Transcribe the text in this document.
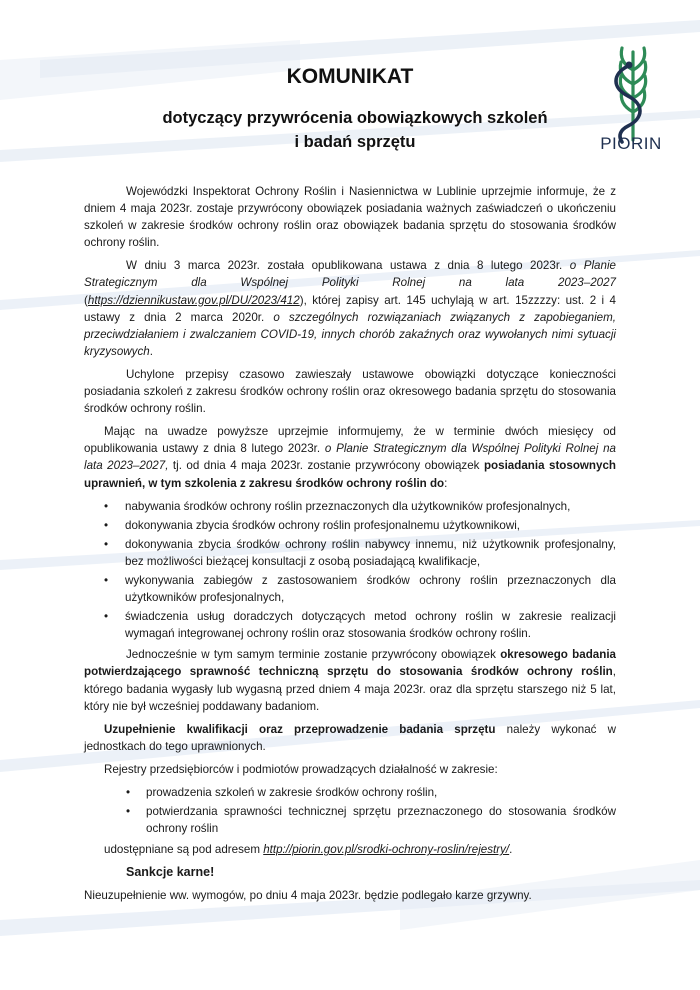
KOMUNIKAT
dotyczący przywrócenia obowiązkowych szkoleń
i badań sprzętu	PIORIN

Wojewódzki Inspektorat Ochrony Roślin i Nasiennictwa w Lublinie uprzejmie informuje, że z dniem 4 maja 2023r. zostaje przywrócony obowiązek posiadania ważnych zaświadczeń o ukończeniu szkoleń w zakresie środków ochrony roślin oraz obowiązek badania sprzętu do stosowania środków ochrony roślin.

W dniu 3 marca 2023r. została opublikowana ustawa z dnia 8 lutego 2023r. o Planie Strategicznym dla Wspólnej Polityki Rolnej na lata 2023–2027 (https://dziennikustaw.gov.pl/DU/2023/412), której zapisy art. 145 uchylają w art. 15zzzzy: ust. 2 i 4 ustawy z dnia 2 marca 2020r. o szczególnych rozwiązaniach związanych z zapobieganiem, przeciwdziałaniem i zwalczaniem COVID-19, innych chorób zakaźnych oraz wywołanych nimi sytuacji kryzysowych.

Uchylone przepisy czasowo zawieszały ustawowe obowiązki dotyczące konieczności posiadania szkoleń z zakresu środków ochrony roślin oraz okresowego badania sprzętu do stosowania środków ochrony roślin.

Mając na uwadze powyższe uprzejmie informujemy, że w terminie dwóch miesięcy od opublikowania ustawy z dnia 8 lutego 2023r. o Planie Strategicznym dla Wspólnej Polityki Rolnej na lata 2023–2027, tj. od dnia 4 maja 2023r. zostanie przywrócony obowiązek posiadania stosownych uprawnień, w tym szkolenia z zakresu środków ochrony roślin do:

• nabywania środków ochrony roślin przeznaczonych dla użytkowników profesjonalnych,
• dokonywania zbycia środków ochrony roślin profesjonalnemu użytkownikowi,
• dokonywania zbycia środków ochrony roślin nabywcy innemu, niż użytkownik profesjonalny, bez możliwości bieżącej konsultacji z osobą posiadającą kwalifikacje,
• wykonywania zabiegów z zastosowaniem środków ochrony roślin przeznaczonych dla użytkowników profesjonalnych,
• świadczenia usług doradczych dotyczących metod ochrony roślin w zakresie realizacji wymagań integrowanej ochrony roślin oraz stosowania środków ochrony roślin.

Jednocześnie w tym samym terminie zostanie przywrócony obowiązek okresowego badania potwierdzającego sprawność techniczną sprzętu do stosowania środków ochrony roślin, którego badania wygasły lub wygasną przed dniem 4 maja 2023r. oraz dla sprzętu starszego niż 5 lat, który nie był wcześniej poddawany badaniom.

Uzupełnienie kwalifikacji oraz przeprowadzenie badania sprzętu należy wykonać w jednostkach do tego uprawnionych.

Rejestry przedsiębiorców i podmiotów prowadzących działalność w zakresie:

• prowadzenia szkoleń w zakresie środków ochrony roślin,
• potwierdzania sprawności technicznej sprzętu przeznaczonego do stosowania środków ochrony roślin

udostępniane są pod adresem http://piorin.gov.pl/srodki-ochrony-roslin/rejestry/.

Sankcje karne!

Nieuzupełnienie ww. wymogów, po dniu 4 maja 2023r. będzie podlegało karze grzywny.
